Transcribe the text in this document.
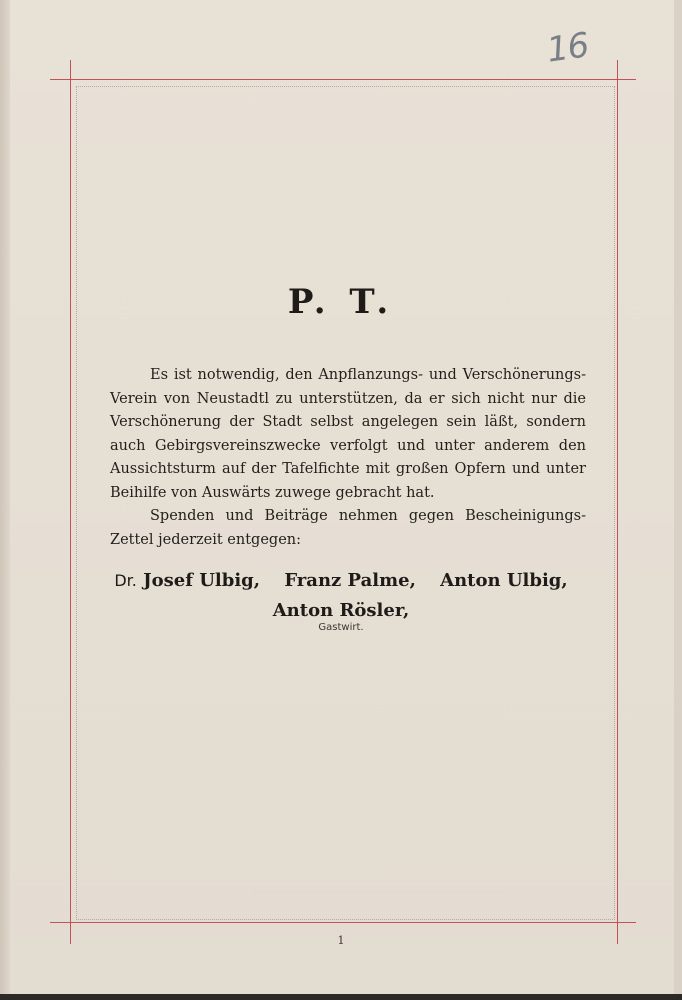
16
P. T.

Es ist notwendig, den Anpflanzungs- und Verschönerungs-Verein von Neustadtl zu unterstützen, da er sich nicht nur die Verschönerung der Stadt selbst angelegen sein läßt, sondern auch Gebirgsvereinszwecke verfolgt und unter anderem den Aussichtsturm auf der Tafelfichte mit großen Opfern und unter Beihilfe von Auswärts zuwege gebracht hat.

Spenden und Beiträge nehmen gegen Bescheinigungs-Zettel jederzeit entgegen:

Dr. Josef Ulbig, Franz Palme, Anton Ulbig,
Anton Rösler,
Gastwirt.
1
